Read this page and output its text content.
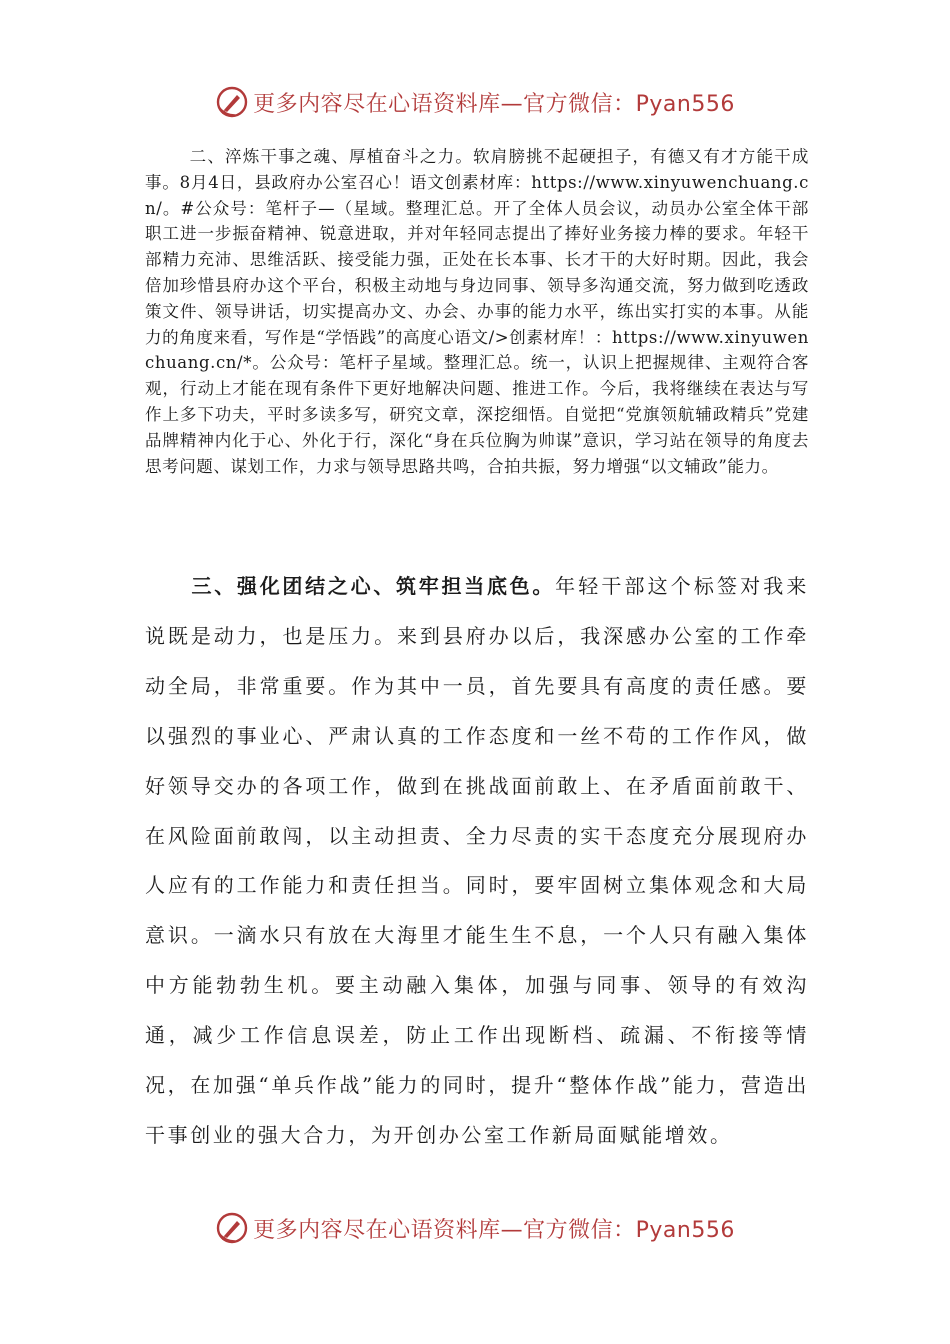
更多内容尽在心语资料库—官方微信：Pyan556
二、淬炼干事之魂、厚植奋斗之力。软肩膀挑不起硬担子，有德又有才方能干成事。8月4日，县政府办公室召心！语文创素材库：https://www.xinyuwenchuang.cn/。#公众号：笔杆子—（星域。整理汇总。开了全体人员会议，动员办公室全体干部职工进一步振奋精神、锐意进取，并对年轻同志提出了捧好业务接力棒的要求。年轻干部精力充沛、思维活跃、接受能力强，正处在长本事、长才干的大好时期。因此，我会倍加珍惜县府办这个平台，积极主动地与身边同事、领导多沟通交流，努力做到吃透政策文件、领导讲话，切实提高办文、办会、办事的能力水平，练出实打实的本事。从能力的角度来看，写作是“学悟践”的高度心语文/>创素材库！：https://www.xinyuwenchuang.cn/*。公众号：笔杆子星域。整理汇总。统一，认识上把握规律、主观符合客观，行动上才能在现有条件下更好地解决问题、推进工作。今后，我将继续在表达与写作上多下功夫，平时多读多写，研究文章，深挖细悟。自觉把“党旗领航辅政精兵”党建品牌精神内化于心、外化于行，深化“身在兵位胸为帅谋”意识，学习站在领导的角度去思考问题、谋划工作，力求与领导思路共鸣，合拍共振，努力增强“以文辅政”能力。
三、强化团结之心、筑牢担当底色。年轻干部这个标签对我来说既是动力，也是压力。来到县府办以后，我深感办公室的工作牵动全局，非常重要。作为其中一员，首先要具有高度的责任感。要以强烈的事业心、严肃认真的工作态度和一丝不苟的工作作风，做好领导交办的各项工作，做到在挑战面前敢上、在矛盾面前敢干、在风险面前敢闯，以主动担责、全力尽责的实干态度充分展现府办人应有的工作能力和责任担当。同时，要牢固树立集体观念和大局意识。一滴水只有放在大海里才能生生不息，一个人只有融入集体中方能勃勃生机。要主动融入集体，加强与同事、领导的有效沟通，减少工作信息误差，防止工作出现断档、疏漏、不衔接等情况，在加强“单兵作战”能力的同时，提升“整体作战”能力，营造出干事创业的强大合力，为开创办公室工作新局面赋能增效。
更多内容尽在心语资料库—官方微信：Pyan556
